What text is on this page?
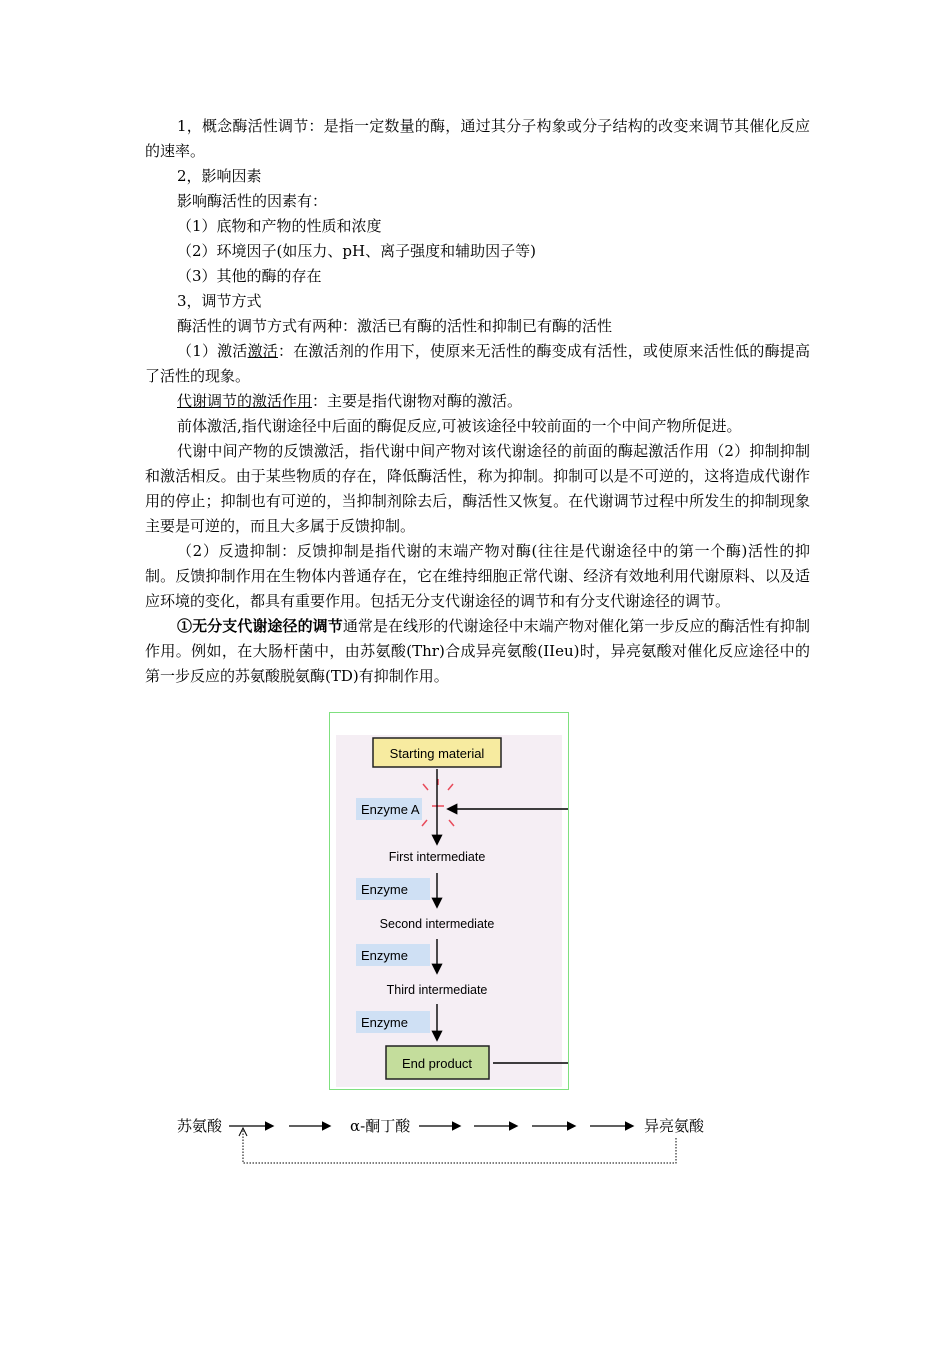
1，概念酶活性调节：是指一定数量的酶，通过其分子构象或分子结构的改变来调节其催化反应的速率。

2，影响因素

影响酶活性的因素有：

（1）底物和产物的性质和浓度

（2）环境因子(如压力、pH、离子强度和辅助因子等)

（3）其他的酶的存在

3，调节方式

酶活性的调节方式有两种：激活已有酶的活性和抑制已有酶的活性

（1）激活激活：在激活剂的作用下，使原来无活性的酶变成有活性，或使原来活性低的酶提高了活性的现象。

代谢调节的激活作用：主要是指代谢物对酶的激活。

前体激活,指代谢途径中后面的酶促反应,可被该途径中较前面的一个中间产物所促进。

代谢中间产物的反馈激活，指代谢中间产物对该代谢途径的前面的酶起激活作用（2）抑制抑制和激活相反。由于某些物质的存在，降低酶活性，称为抑制。抑制可以是不可逆的，这将造成代谢作用的停止；抑制也有可逆的，当抑制剂除去后，酶活性又恢复。在代谢调节过程中所发生的抑制现象主要是可逆的，而且大多属于反馈抑制。

（2）反遗抑制：反馈抑制是指代谢的末端产物对酶(往往是代谢途径中的第一个酶)活性的抑 制。反馈抑制作用在生物体内普通存在，它在维持细胞正常代谢、经济有效地利用代谢原料、以及适应环境的变化，都具有重要作用。包括无分支代谢途径的调节和有分支代谢途径的调节。

①无分支代谢途径的调节通常是在线形的代谢途径中末端产物对催化第一步反应的酶活性有抑制作用。例如，在大肠杆菌中，由苏氨酸(Thr)合成异亮氨酸(IIeu)时，异亮氨酸对催化反应途径中的第一步反应的苏氨酸脱氨酶(TD)有抑制作用。

Starting material
Enzyme A
First intermediate
Enzyme
Second intermediate
Enzyme
Third intermediate
Enzyme
End product
苏氨酸	α-酮丁酸	异亮氨酸
